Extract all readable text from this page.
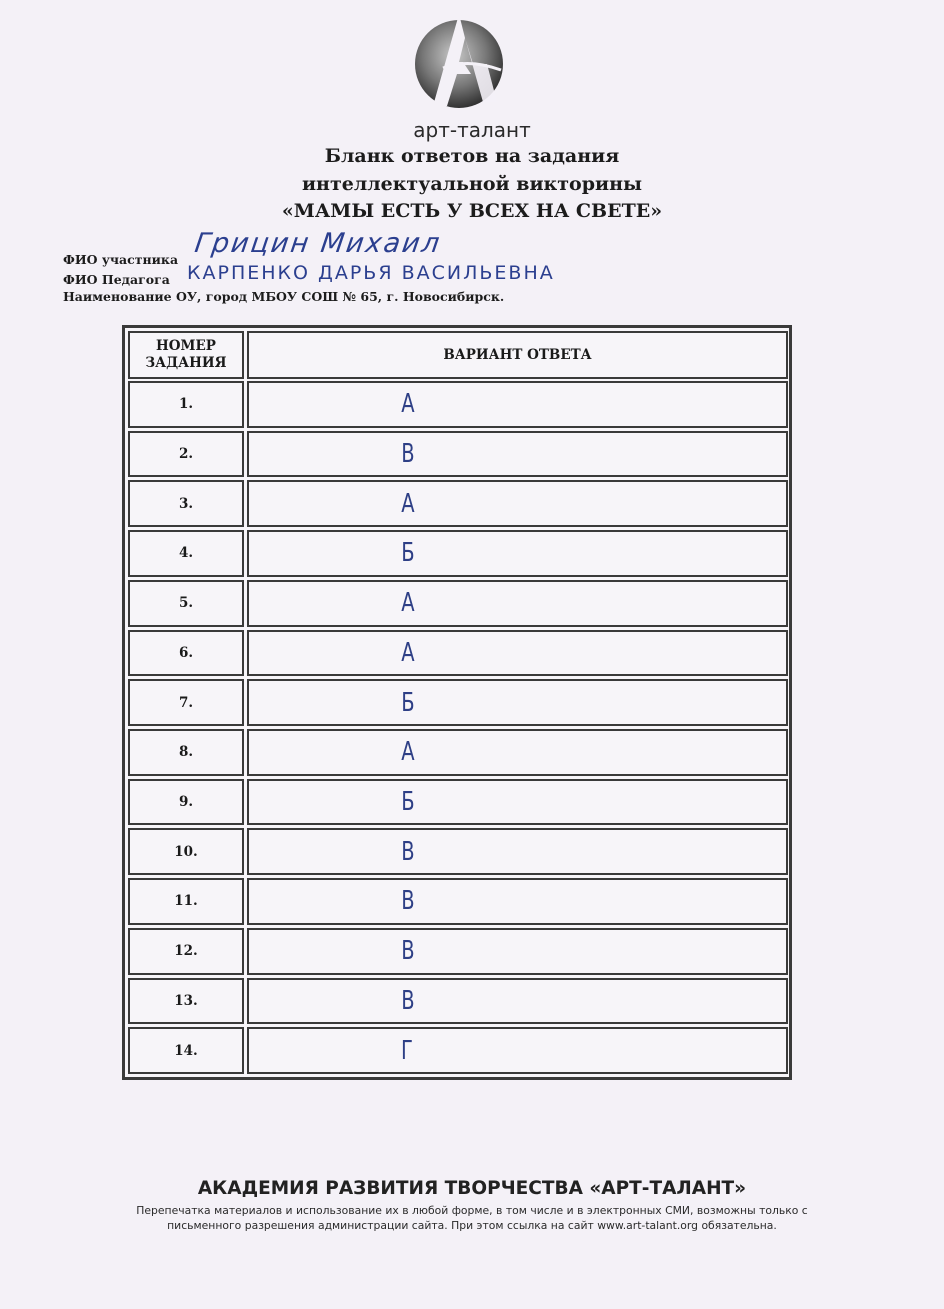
арт-талант
Бланк ответов на задания
интеллектуальной викторины
«МАМЫ ЕСТЬ У ВСЕХ НА СВЕТЕ»
ФИО участника
Грицин Михаил
ФИО Педагога КАРПЕНКО ДАРЬЯ ВАСИЛЬЕВНА
Наименование ОУ, город МБОУ СОШ № 65, г. Новосибирск.
НОМЕР
ЗАДАНИЯ	ВАРИАНТ ОТВЕТА
1.	А
2.	В
3.	А
4.	Б
5.	А
6.	А
7.	Б
8.	А
9.	Б
10.	В
11.	В
12.	В
13.	В
14.	Г
АКАДЕМИЯ РАЗВИТИЯ ТВОРЧЕСТВА «АРТ-ТАЛАНТ»
Перепечатка материалов и использование их в любой форме, в том числе и в электронных СМИ, возможны только с
письменного разрешения администрации сайта. При этом ссылка на сайт www.art-talant.org обязательна.
